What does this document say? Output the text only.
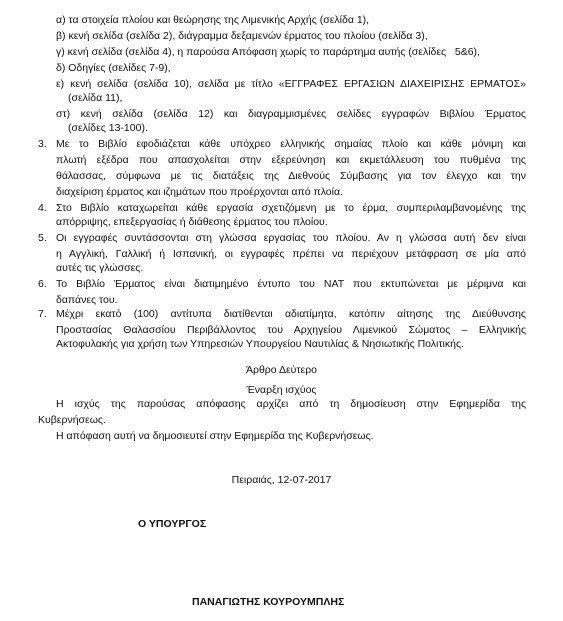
α) τα στοιχεία πλοίου και θεώρησης της Λιμενικής Αρχής (σελίδα 1),
β) κενή σελίδα (σελίδα 2), διάγραμμα δεξαμενών έρματος του πλοίου (σελίδα 3),
γ) κενή σελίδα (σελίδα 4), η παρούσα Απόφαση χωρίς το παράρτημα αυτής (σελίδες   5&6),
δ) Οδηγίες (σελίδες 7-9),
ε) κενή σελίδα (σελίδα 10), σελίδα με τίτλο «ΕΓΓΡΑΦΕΣ ΕΡΓΑΣΙΩΝ ΔΙΑΧΕΙΡΙΣΗΣ ΕΡΜΑΤΟΣ»
(σελίδα 11),
στ) κενή σελίδα (σελίδα 12) και διαγραμμισμένες σελίδες εγγραφών Βιβλίου Έρματος
(σελίδες 13-100).
3. Με το Βιβλίο εφοδιάζεται κάθε υπόχρεο ελληνικής σημαίας πλοίο και κάθε μόνιμη και
πλωτή εξέδρα που απασχολείται στην εξερεύνηση και εκμετάλλευση του πυθμένα της
θάλασσας, σύμφωνα με τις διατάξεις της Διεθνούς Σύμβασης για τον έλεγχο και την
διαχείριση έρματος και ιζημάτων που προέρχονται από πλοία.
4. Στο Βιβλίο καταχωρείται κάθε εργασία σχετιζόμενη με το έρμα, συμπεριλαμβανομένης της
απόρριψης, επεξεργασίας ή διάθεσης έρματος του πλοίου.
5. Οι εγγραφές συντάσσονται στη γλώσσα εργασίας του πλοίου. Αν η γλώσσα αυτή δεν είναι
η Αγγλική, Γαλλική ή Ισπανική, οι εγγραφές πρέπει να περιέχουν μετάφραση σε μία από
αυτές τις γλώσσες.
6. Το Βιβλίο Έρματος είναι διατιμημένο έντυπο του ΝΑΤ που εκτυπώνεται με μέριμνα και
δαπάνες του.
7. Μέχρι εκατό (100) αντίτυπα διατίθενται αδιατίμητα, κατόπιν αίτησης της Διεύθυνσης
Προστασίας Θαλασσίου Περιβάλλοντος του Αρχηγείου Λιμενικού Σώματος – Ελληνικής
Ακτοφυλακής για χρήση των Υπηρεσιών Υπουργείου Ναυτιλίας & Νησιωτικής Πολιτικής.
Άρθρο Δεύτερο
Έναρξη ισχύος
Η ισχύς της παρούσας απόφασης αρχίζει από τη δημοσίευση στην Εφημερίδα της
Κυβερνήσεως.
Η απόφαση αυτή να δημοσιευτεί στην Εφημερίδα της Κυβερνήσεως.
Πειραιάς, 12-07-2017
Ο ΥΠΟΥΡΓΟΣ
ΠΑΝΑΓΙΩΤΗΣ ΚΟΥΡΟΥΜΠΛΗΣ
